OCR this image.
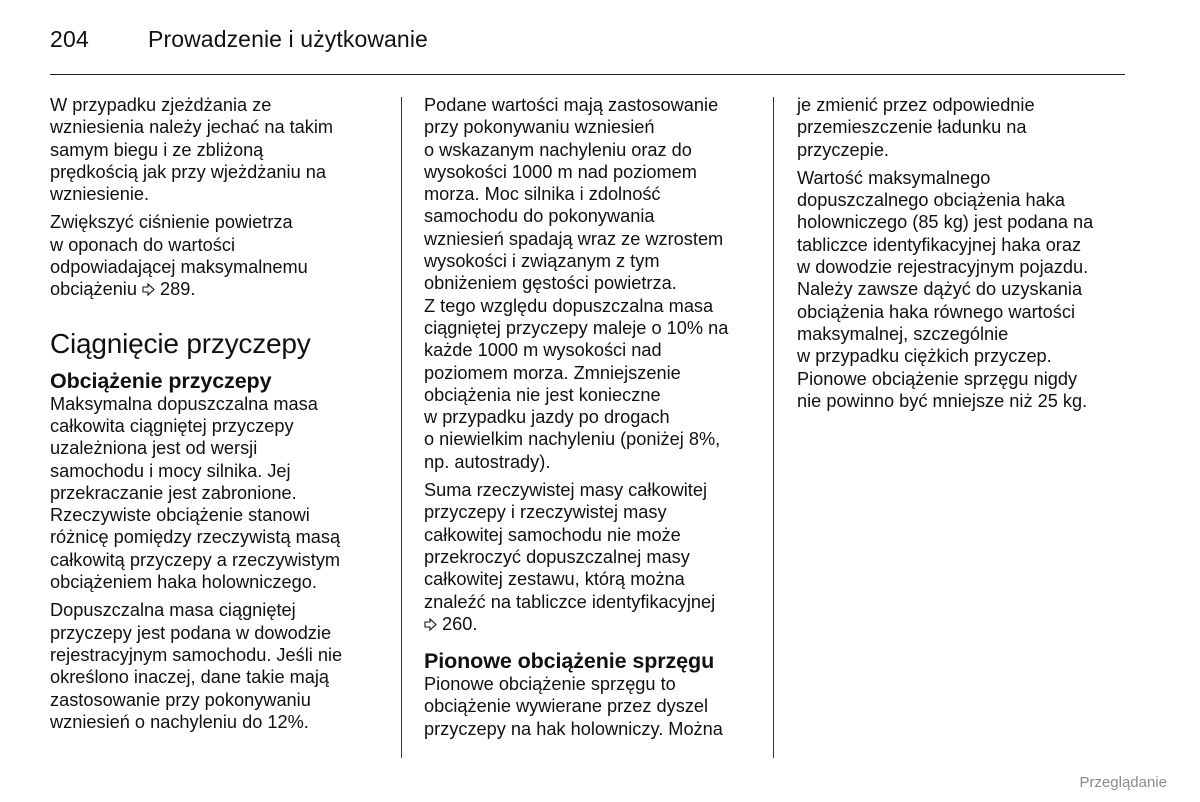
204	Prowadzenie i użytkowanie

W przypadku zjeżdżania ze
wzniesienia należy jechać na takim
samym biegu i ze zbliżoną
prędkością jak przy wjeżdżaniu na
wzniesienie.

Zwiększyć ciśnienie powietrza
w oponach do wartości
odpowiadającej maksymalnemu
obciążeniu 289.

Ciągnięcie przyczepy
Obciążenie przyczepy

Maksymalna dopuszczalna masa
całkowita ciągniętej przyczepy
uzależniona jest od wersji
samochodu i mocy silnika. Jej
przekraczanie jest zabronione.
Rzeczywiste obciążenie stanowi
różnicę pomiędzy rzeczywistą masą
całkowitą przyczepy a rzeczywistym
obciążeniem haka holowniczego.

Dopuszczalna masa ciągniętej
przyczepy jest podana w dowodzie
rejestracyjnym samochodu. Jeśli nie
określono inaczej, dane takie mają
zastosowanie przy pokonywaniu
wzniesień o nachyleniu do 12%.

Podane wartości mają zastosowanie
przy pokonywaniu wzniesień
o wskazanym nachyleniu oraz do
wysokości 1000 m nad poziomem
morza. Moc silnika i zdolność
samochodu do pokonywania
wzniesień spadają wraz ze wzrostem
wysokości i związanym z tym
obniżeniem gęstości powietrza.
Z tego względu dopuszczalna masa
ciągniętej przyczepy maleje o 10% na
każde 1000 m wysokości nad
poziomem morza. Zmniejszenie
obciążenia nie jest konieczne
w przypadku jazdy po drogach
o niewielkim nachyleniu (poniżej 8%,
np. autostrady).

Suma rzeczywistej masy całkowitej
przyczepy i rzeczywistej masy
całkowitej samochodu nie może
przekroczyć dopuszczalnej masy
całkowitej zestawu, którą można
znaleźć na tabliczce identyfikacyjnej
260.

Pionowe obciążenie sprzęgu

Pionowe obciążenie sprzęgu to
obciążenie wywierane przez dyszel
przyczepy na hak holowniczy. Można

je zmienić przez odpowiednie
przemieszczenie ładunku na
przyczepie.

Wartość maksymalnego
dopuszczalnego obciążenia haka
holowniczego (85 kg) jest podana na
tabliczce identyfikacyjnej haka oraz
w dowodzie rejestracyjnym pojazdu.
Należy zawsze dążyć do uzyskania
obciążenia haka równego wartości
maksymalnej, szczególnie
w przypadku ciężkich przyczep.
Pionowe obciążenie sprzęgu nigdy
nie powinno być mniejsze niż 25 kg.

Przeglądanie
